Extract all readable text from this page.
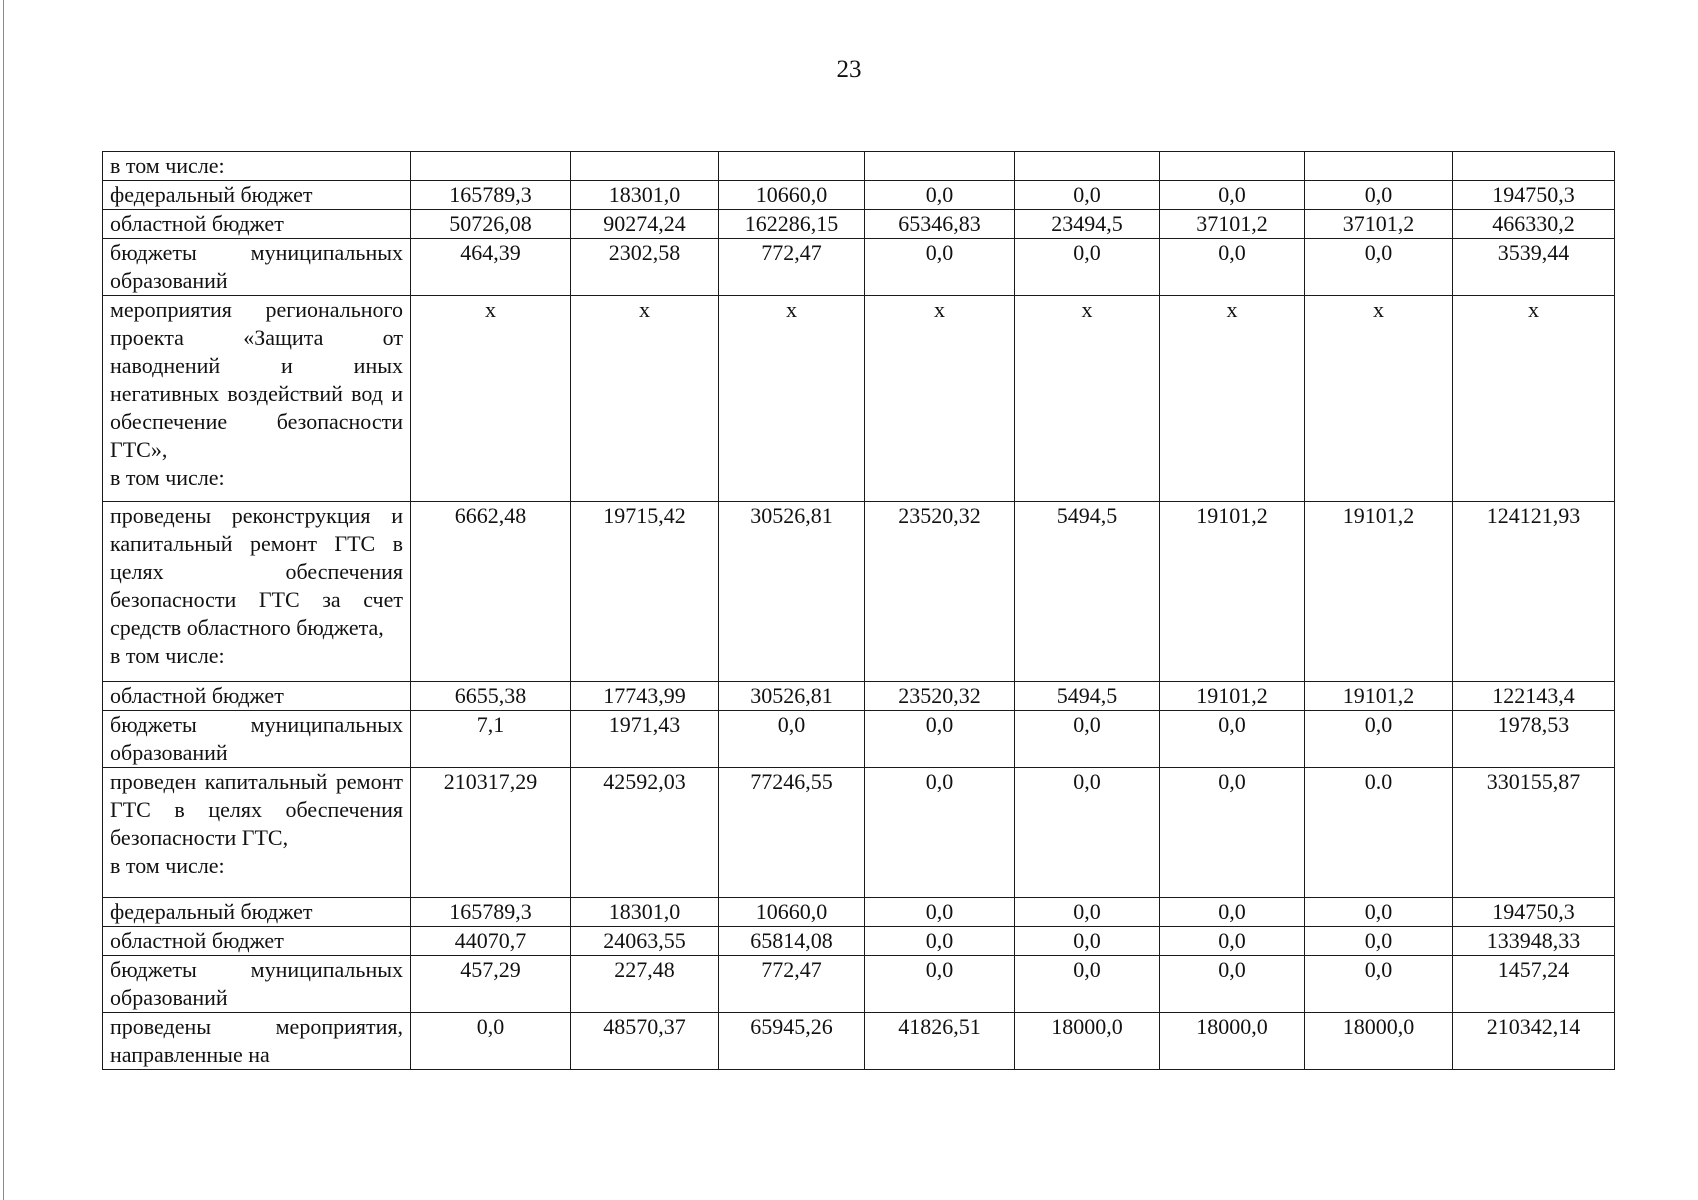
23
в том числе:								

федеральный бюджет	165789,3	18301,0	10660,0	0,0	0,0	0,0	0,0	194750,3

областной бюджет	50726,08	90274,24	162286,15	65346,83	23494,5	37101,2	37101,2	466330,2

бюджеты муниципальных образований	464,39	2302,58	772,47	0,0	0,0	0,0	0,0	3539,44

мероприятия регионального проекта «Защита от наводнений и иных негативных воздействий вод и обеспечение безопасности ГТС»,
в том числе:	x	x	x	x	x	x	x	x

проведены реконструкция и капитальный ремонт ГТС в целях обеспечения безопасности ГТС за счет средств областного бюджета,
в том числе:	6662,48	19715,42	30526,81	23520,32	5494,5	19101,2	19101,2	124121,93

областной бюджет	6655,38	17743,99	30526,81	23520,32	5494,5	19101,2	19101,2	122143,4

бюджеты муниципальных образований	7,1	1971,43	0,0	0,0	0,0	0,0	0,0	1978,53

проведен капитальный ремонт ГТС в целях обеспечения безопасности ГТС,
в том числе:	210317,29	42592,03	77246,55	0,0	0,0	0,0	0.0	330155,87

федеральный бюджет	165789,3	18301,0	10660,0	0,0	0,0	0,0	0,0	194750,3

областной бюджет	44070,7	24063,55	65814,08	0,0	0,0	0,0	0,0	133948,33

бюджеты муниципальных образований	457,29	227,48	772,47	0,0	0,0	0,0	0,0	1457,24

проведены мероприятия, направленные на	0,0	48570,37	65945,26	41826,51	18000,0	18000,0	18000,0	210342,14
